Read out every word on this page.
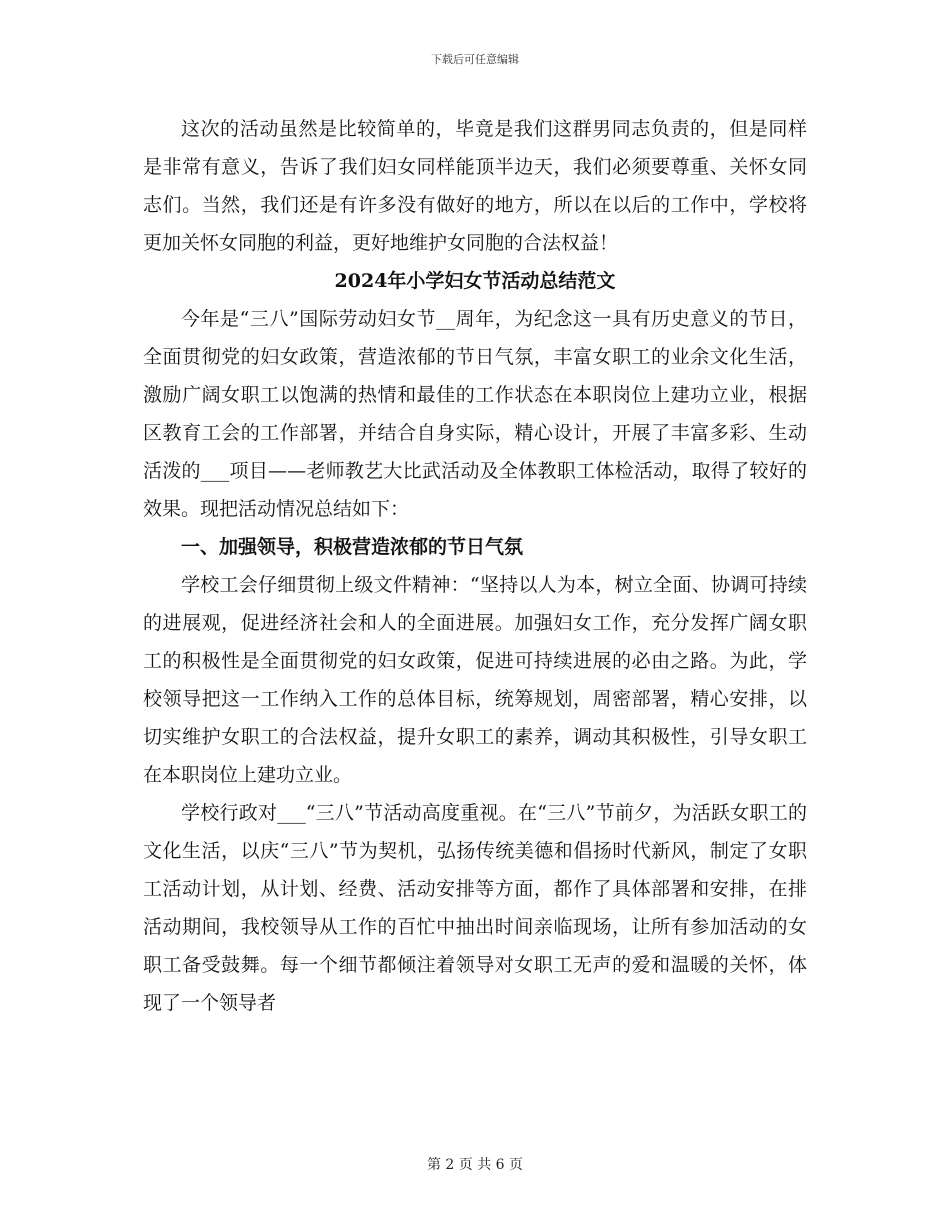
下载后可任意编辑

这次的活动虽然是比较简单的，毕竟是我们这群男同志负责的，但是同样是非常有意义，告诉了我们妇女同样能顶半边天，我们必须要尊重、关怀女同志们。当然，我们还是有许多没有做好的地方，所以在以后的工作中，学校将更加关怀女同胞的利益，更好地维护女同胞的合法权益！

2024年小学妇女节活动总结范文

今年是“三八”国际劳动妇女节__周年，为纪念这一具有历史意义的节日，全面贯彻党的妇女政策，营造浓郁的节日气氛，丰富女职工的业余文化生活，激励广阔女职工以饱满的热情和最佳的工作状态在本职岗位上建功立业，根据区教育工会的工作部署，并结合自身实际，精心设计，开展了丰富多彩、生动活泼的___项目——老师教艺大比武活动及全体教职工体检活动，取得了较好的效果。现把活动情况总结如下：

一、加强领导，积极营造浓郁的节日气氛

学校工会仔细贯彻上级文件精神：“坚持以人为本，树立全面、协调可持续的进展观，促进经济社会和人的全面进展。加强妇女工作，充分发挥广阔女职工的积极性是全面贯彻党的妇女政策，促进可持续进展的必由之路。为此，学校领导把这一工作纳入工作的总体目标，统筹规划，周密部署，精心安排，以切实维护女职工的合法权益，提升女职工的素养，调动其积极性，引导女职工在本职岗位上建功立业。

学校行政对___“三八”节活动高度重视。在“三八”节前夕，为活跃女职工的文化生活，以庆“三八”节为契机，弘扬传统美德和倡扬时代新风，制定了女职工活动计划，从计划、经费、活动安排等方面，都作了具体部署和安排，在排活动期间，我校领导从工作的百忙中抽出时间亲临现场，让所有参加活动的女职工备受鼓舞。每一个细节都倾注着领导对女职工无声的爱和温暖的关怀，体现了一个领导者

第 2 页 共 6 页
